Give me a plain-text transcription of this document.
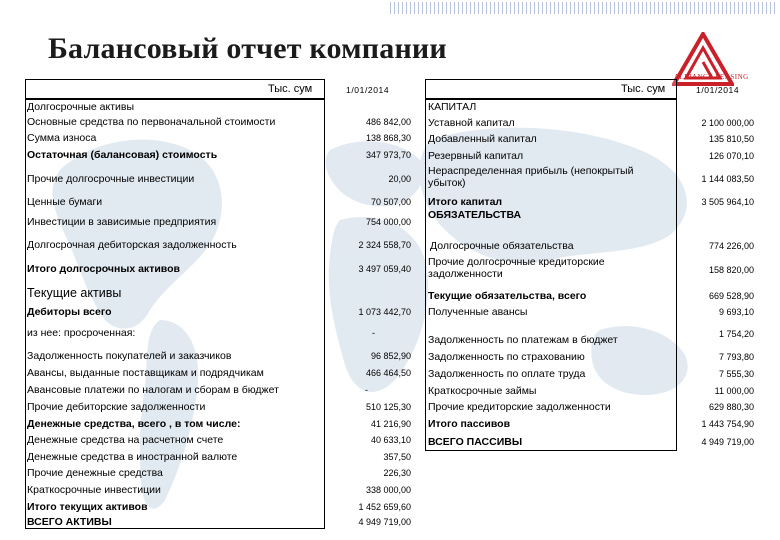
Балансовый отчет компании
ALLIANCE LEASING
Тыс. сум	1/01/2014	Тыс. сум	1/01/2014
Долгосрочные активы
Основные средства по первоначальной стоимости	486 842,00
Сумма износа	138 868,30
Остаточная (балансовая) стоимость	347 973,70
Прочие долгосрочные инвестиции	20,00
Ценные бумаги	70 507,00
Инвестиции в зависимые предприятия	754 000,00
Долгосрочная дебиторская задолженность	2 324 558,70
Итого долгосрочных активов	3 497 059,40
Текущие активы
Дебиторы всего	1 073 442,70
из нее: просроченная:	-
Задолженность покупателей и заказчиков	96 852,90
Авансы, выданные поставщикам и подрядчикам	466 464,50
Авансовые платежи по налогам и сборам в бюджет	-
Прочие дебиторские задолженности	510 125,30
Денежные средства, всего , в том числе:	41 216,90
Денежные средства на расчетном счете	40 633,10
Денежные средства в иностранной валюте	357,50
Прочие денежные средства	226,30
Краткосрочные инвестиции	338 000,00
Итого текущих активов	1 452 659,60
ВСЕГО АКТИВЫ	4 949 719,00
КАПИТАЛ
Уставной капитал	2 100 000,00
Добавленный капитал	135 810,50
Резервный капитал	126 070,10
Нераспределенная прибыль (непокрытый убыток)	1 144 083,50
Итого капитал	3 505 964,10
ОБЯЗАТЕЛЬСТВА
Долгосрочные обязательства	774 226,00
Прочие долгосрочные кредиторские задолженности	158 820,00
Текущие обязательства, всего	669 528,90
Полученные авансы	9 693,10
Задолженность по платежам в бюджет	1 754,20
Задолженность по страхованию	7 793,80
Задолженность по оплате труда	7 555,30
Краткосрочные займы	11 000,00
Прочие кредиторские задолженности	629 880,30
Итого пассивов	1 443 754,90
ВСЕГО ПАССИВЫ	4 949 719,00
